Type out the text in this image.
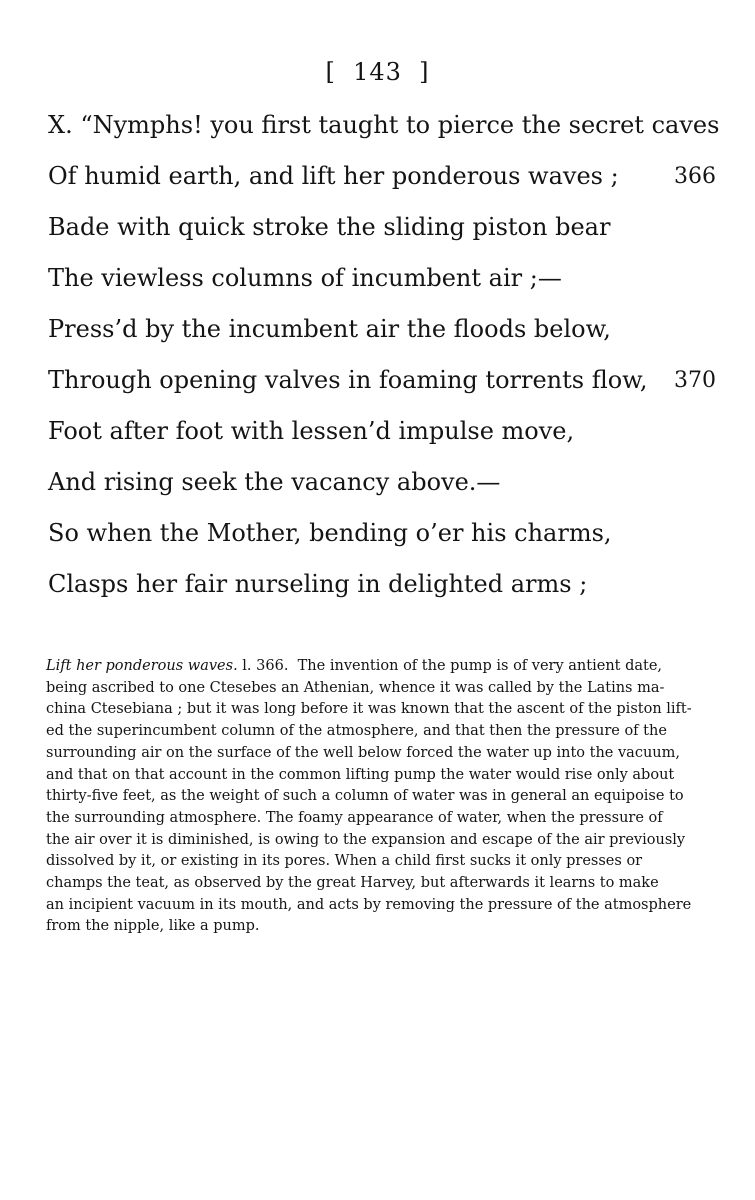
[ 143 ]
X. “Nymphs! you first taught to pierce the secret caves
Of humid earth, and lift her ponderous waves ;	366
Bade with quick stroke the sliding piston bear
The viewless columns of incumbent air ;—
Press’d by the incumbent air the floods below,
Through opening valves in foaming torrents flow, 370
Foot after foot with lessen’d impulse move,
And rising seek the vacancy above.—
So when the Mother, bending o’er his charms,
Clasps her fair nurseling in delighted arms ;
Lift her ponderous waves. l. 366. The invention of the pump is of very antient date,
being ascribed to one Ctesebes an Athenian, whence it was called by the Latins ma-
china Ctesebiana ; but it was long before it was known that the ascent of the piston lift-
ed the superincumbent column of the atmosphere, and that then the pressure of the
surrounding air on the surface of the well below forced the water up into the vacuum,
and that on that account in the common lifting pump the water would rise only about
thirty-five feet, as the weight of such a column of water was in general an equipoise to
the surrounding atmosphere. The foamy appearance of water, when the pressure of
the air over it is diminished, is owing to the expansion and escape of the air previously
dissolved by it, or existing in its pores. When a child first sucks it only presses or
champs the teat, as observed by the great Harvey, but afterwards it learns to make
an incipient vacuum in its mouth, and acts by removing the pressure of the atmosphere
from the nipple, like a pump.
